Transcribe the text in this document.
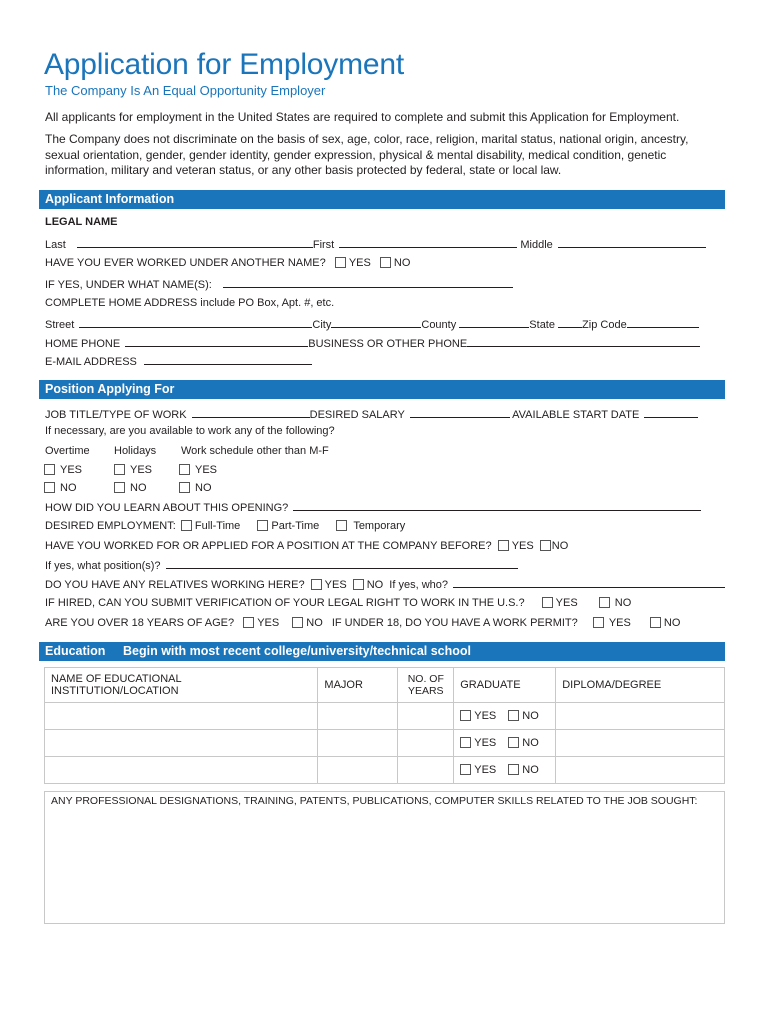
Application for Employment
The Company Is An Equal Opportunity Employer
All applicants for employment in the United States are required to complete and submit this Application for Employment.
The Company does not discriminate on the basis of sex, age, color, race, religion, marital status, national origin, ancestry, sexual orientation, gender, gender identity, gender expression, physical & mental disability, medical condition, genetic information, military and veteran status, or any other basis protected by federal, state or local law.
Applicant Information
LEGAL NAME
Last	First	Middle
HAVE YOU EVER WORKED UNDER ANOTHER NAME? YES NO
IF YES, UNDER WHAT NAME(S):
COMPLETE HOME ADDRESS include PO Box, Apt. #, etc.
Street	City	County	State Zip Code
HOME PHONE	BUSINESS OR OTHER PHONE
E-MAIL ADDRESS
Position Applying For
JOB TITLE/TYPE OF WORK	DESIRED SALARY	AVAILABLE START DATE
If necessary, are you available to work any of the following?
Overtime Holidays Work schedule other than M-F
YES	YES	YES
NO	NO	NO
HOW DID YOU LEARN ABOUT THIS OPENING?
DESIRED EMPLOYMENT: Full-Time	Part-Time	Temporary
HAVE YOU WORKED FOR OR APPLIED FOR A POSITION AT THE COMPANY BEFORE? YES NO
If yes, what position(s)?
DO YOU HAVE ANY RELATIVES WORKING HERE? YES NO If yes, who?
IF HIRED, CAN YOU SUBMIT VERIFICATION OF YOUR LEGAL RIGHT TO WORK IN THE U.S.?	YES	NO
ARE YOU OVER 18 YEARS OF AGE? YES NO IF UNDER 18, DO YOU HAVE A WORK PERMIT?	YES	NO
Education Begin with most recent college/university/technical school
NAME OF EDUCATIONAL INSTITUTION/LOCATION	MAJOR	NO. OF YEARS	GRADUATE	DIPLOMA/DEGREE
			YES NO	
			YES NO	
			YES NO	
ANY PROFESSIONAL DESIGNATIONS, TRAINING, PATENTS, PUBLICATIONS, COMPUTER SKILLS RELATED TO THE JOB SOUGHT:
